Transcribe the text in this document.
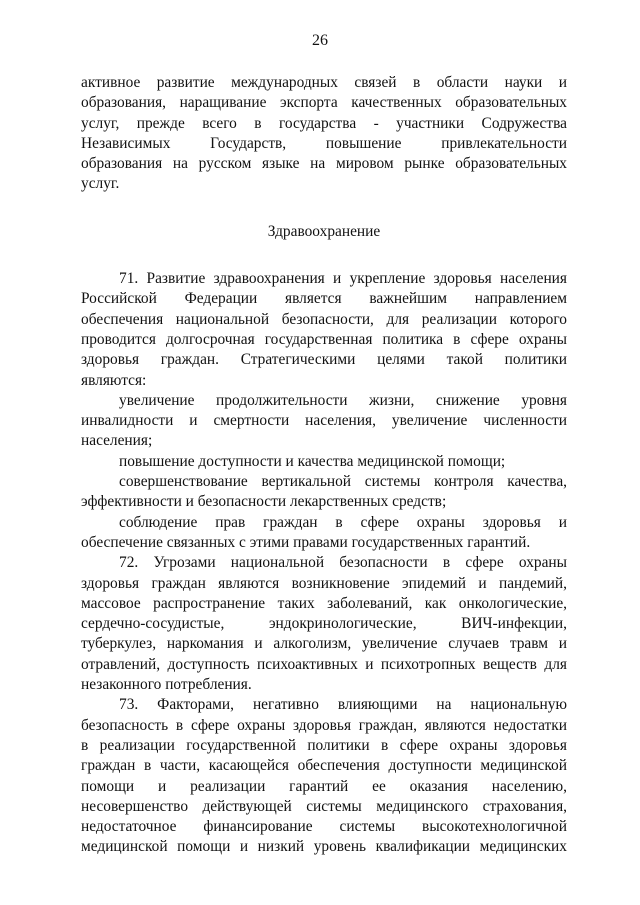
26
активное развитие международных связей в области науки и
образования, наращивание экспорта качественных образовательных
услуг, прежде всего в государства - участники Содружества
Независимых Государств, повышение привлекательности
образования на русском языке на мировом рынке образовательных
услуг.
Здравоохранение
71. Развитие здравоохранения и укрепление здоровья населения
Российской Федерации является важнейшим направлением
обеспечения национальной безопасности, для реализации которого
проводится долгосрочная государственная политика в сфере охраны
здоровья граждан. Стратегическими целями такой политики
являются:
увеличение продолжительности жизни, снижение уровня
инвалидности и смертности населения, увеличение численности
населения;
повышение доступности и качества медицинской помощи;
совершенствование вертикальной системы контроля качества,
эффективности и безопасности лекарственных средств;
соблюдение прав граждан в сфере охраны здоровья и
обеспечение связанных с этими правами государственных гарантий.
72. Угрозами национальной безопасности в сфере охраны
здоровья граждан являются возникновение эпидемий и пандемий,
массовое распространение таких заболеваний, как онкологические,
сердечно-сосудистые, эндокринологические, ВИЧ-инфекции,
туберкулез, наркомания и алкоголизм, увеличение случаев травм и
отравлений, доступность психоактивных и психотропных веществ для
незаконного потребления.
73. Факторами, негативно влияющими на национальную
безопасность в сфере охраны здоровья граждан, являются недостатки
в реализации государственной политики в сфере охраны здоровья
граждан в части, касающейся обеспечения доступности медицинской
помощи и реализации гарантий ее оказания населению,
несовершенство действующей системы медицинского страхования,
недостаточное финансирование системы высокотехнологичной
медицинской помощи и низкий уровень квалификации медицинских
